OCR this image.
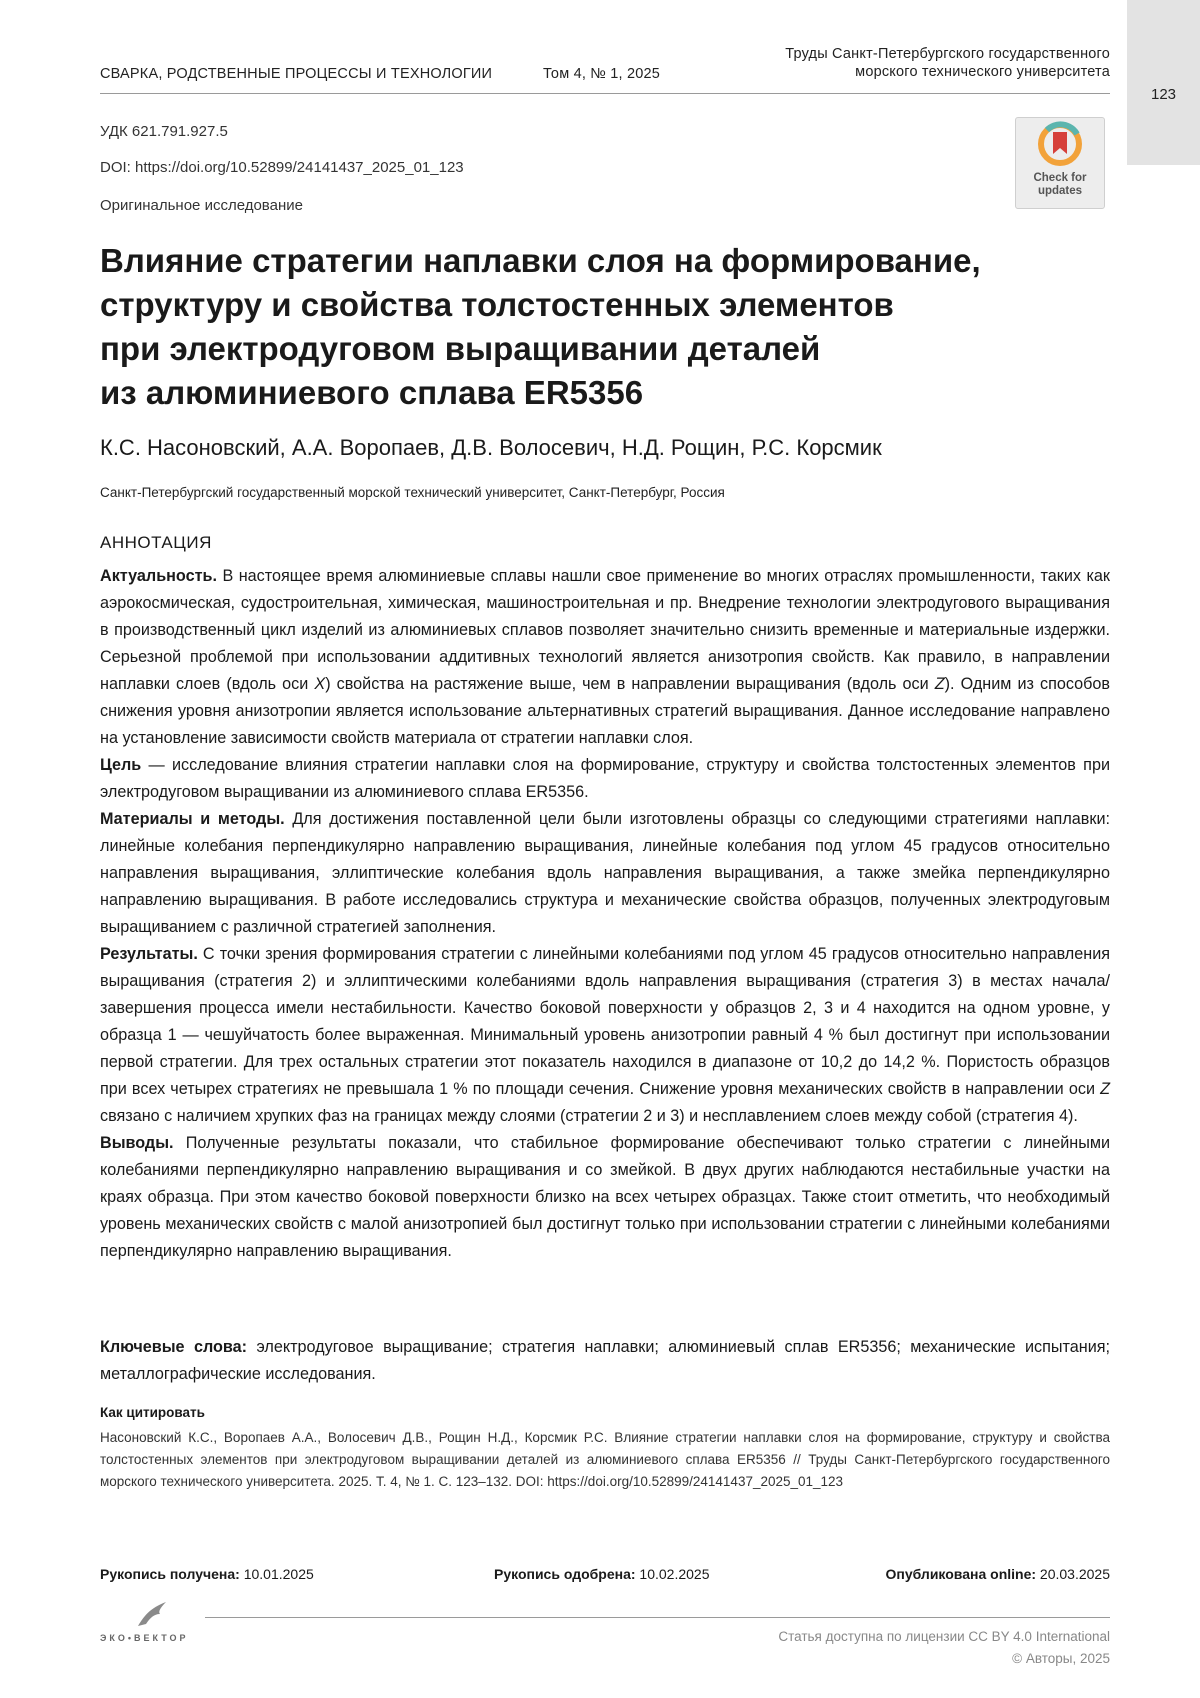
СВАРКА, РОДСТВЕННЫЕ ПРОЦЕССЫ И ТЕХНОЛОГИИ	Том 4, № 1, 2025
Труды Санкт-Петербургского государственного
морского технического университета
123
УДК 621.791.927.5
DOI: https://doi.org/10.52899/24141437_2025_01_123
Оригинальное исследование
Check for
updates
Влияние стратегии наплавки слоя на формирование,
структуру и свойства толстостенных элементов
при электродуговом выращивании деталей
из алюминиевого сплава ER5356
К.С. Насоновский, А.А. Воропаев, Д.В. Волосевич, Н.Д. Рощин, Р.С. Корсмик
Санкт-Петербургский государственный морской технический университет, Санкт-Петербург, Россия
АННОТАЦИЯ

Актуальность. В настоящее время алюминиевые сплавы нашли свое применение во многих отраслях промышленности, таких как аэрокосмическая, судостроительная, химическая, машиностроительная и пр. Внедрение технологии электродугового выращивания в производственный цикл изделий из алюминиевых сплавов позволяет значительно снизить временные и материальные издержки. Серьезной проблемой при использовании аддитивных технологий является анизотропия свойств. Как правило, в направлении наплавки слоев (вдоль оси X) свойства на растяжение выше, чем в направлении выращивания (вдоль оси Z). Одним из способов снижения уровня анизотропии является использование альтернативных стратегий выращивания. Данное исследование направлено на установление зависимости свойств материала от стратегии наплавки слоя.

Цель — исследование влияния стратегии наплавки слоя на формирование, структуру и свойства толстостенных элементов при электродуговом выращивании из алюминиевого сплава ER5356.

Материалы и методы. Для достижения поставленной цели были изготовлены образцы со следующими стратегиями наплавки: линейные колебания перпендикулярно направлению выращивания, линейные колебания под углом 45 градусов относительно направления выращивания, эллиптические колебания вдоль направления выращивания, а также змейка перпендикулярно направлению выращивания. В работе исследовались структура и механические свойства образцов, полученных электродуговым выращиванием с различной стратегией заполнения.

Результаты. С точки зрения формирования стратегии с линейными колебаниями под углом 45 градусов относительно направления выращивания (стратегия 2) и эллиптическими колебаниями вдоль направления выращивания (стратегия 3) в местах начала/завершения процесса имели нестабильности. Качество боковой поверхности у образцов 2, 3 и 4 находится на одном уровне, у образца 1 — чешуйчатость более выраженная. Минимальный уровень анизотропии равный 4 % был достигнут при использовании первой стратегии. Для трех остальных стратегии этот показатель находился в диапазоне от 10,2 до 14,2 %. Пористость образцов при всех четырех стратегиях не превышала 1 % по площади сечения. Снижение уровня механических свойств в направлении оси Z связано с наличием хрупких фаз на границах между слоями (стратегии 2 и 3) и несплавлением слоев между собой (стратегия 4).

Выводы. Полученные результаты показали, что стабильное формирование обеспечивают только стратегии с линейными колебаниями перпендикулярно направлению выращивания и со змейкой. В двух других наблюдаются нестабильные участки на краях образца. При этом качество боковой поверхности близко на всех четырех образцах. Также стоит отметить, что необходимый уровень механических свойств с малой анизотропией был достигнут только при использовании стратегии с линейными колебаниями перпендикулярно направлению выращивания.

Ключевые слова: электродуговое выращивание; стратегия наплавки; алюминиевый сплав ER5356; механические испытания; металлографические исследования.
Как цитировать
Насоновский К.С., Воропаев А.А., Волосевич Д.В., Рощин Н.Д., Корсмик Р.С. Влияние стратегии наплавки слоя на формирование, структуру и свойства толстостенных элементов при электродуговом выращивании деталей из алюминиевого сплава ER5356 // Труды Санкт-Петербургского государственного морского технического университета. 2025. Т. 4, № 1. С. 123–132. DOI: https://doi.org/10.52899/24141437_2025_01_123
Рукопись получена: 10.01.2025	Рукопись одобрена: 10.02.2025	Опубликована online: 20.03.2025
ЭКО•ВЕКТОР	Статья доступна по лицензии CC BY 4.0 International
© Авторы, 2025
